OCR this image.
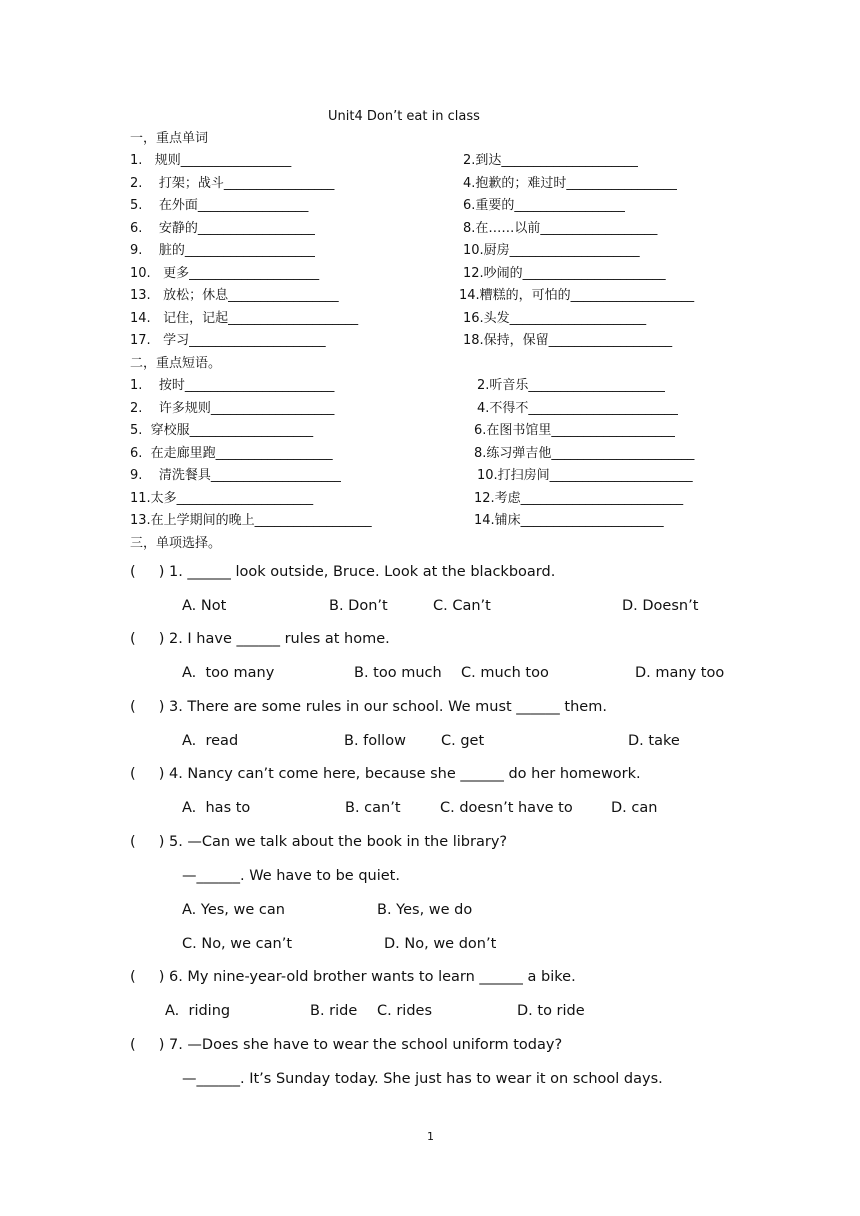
Unit4 Don’t eat in class
一，重点单词
1.   规则_________________	2.到达_____________________
2.    打架；战斗_________________	4.抱歉的；难过时_________________
5.    在外面_________________	6.重要的_________________
6.    安静的__________________	8.在……以前__________________
9.    脏的____________________	10.厨房____________________
10.   更多____________________	12.吵闹的______________________
13.   放松；休息_________________	14.糟糕的，可怕的___________________
14.   记住，记起____________________	16.头发_____________________
17.   学习_____________________	18.保持，保留___________________
二，重点短语。
1.    按时_______________________	2.听音乐_____________________
2.    许多规则___________________	4.不得不_______________________
5.  穿校服___________________	6.在图书馆里___________________
6.  在走廊里跑__________________	8.练习弹吉他______________________
9.    清洗餐具____________________	10.打扫房间______________________
11.太多_____________________	12.考虑_________________________
13.在上学期间的晚上__________________	14.铺床______________________
三，单项选择。
(     ) 1. ______ look outside, Bruce. Look at the blackboard.
A. Not	B. Don’t	C. Can’t	D. Doesn’t
(     ) 2. I have ______ rules at home.
A.  too many	B. too much C. much too	D. many too
(     ) 3. There are some rules in our school. We must ______ them.
A.  read	B. follow C. get	D. take
(     ) 4. Nancy can’t come here, because she ______ do her homework.
A.  has to	B. can’t	C. doesn’t have to	D. can
(     ) 5. —Can we talk about the book in the library?
—______. We have to be quiet.
A. Yes, we can	B. Yes, we do
C. No, we can’t	D. No, we don’t
(     ) 6. My nine-year-old brother wants to learn ______ a bike.
A.  riding	B. ride C. rides	D. to ride
(     ) 7. —Does she have to wear the school uniform today?
—______. It’s Sunday today. She just has to wear it on school days.
1
